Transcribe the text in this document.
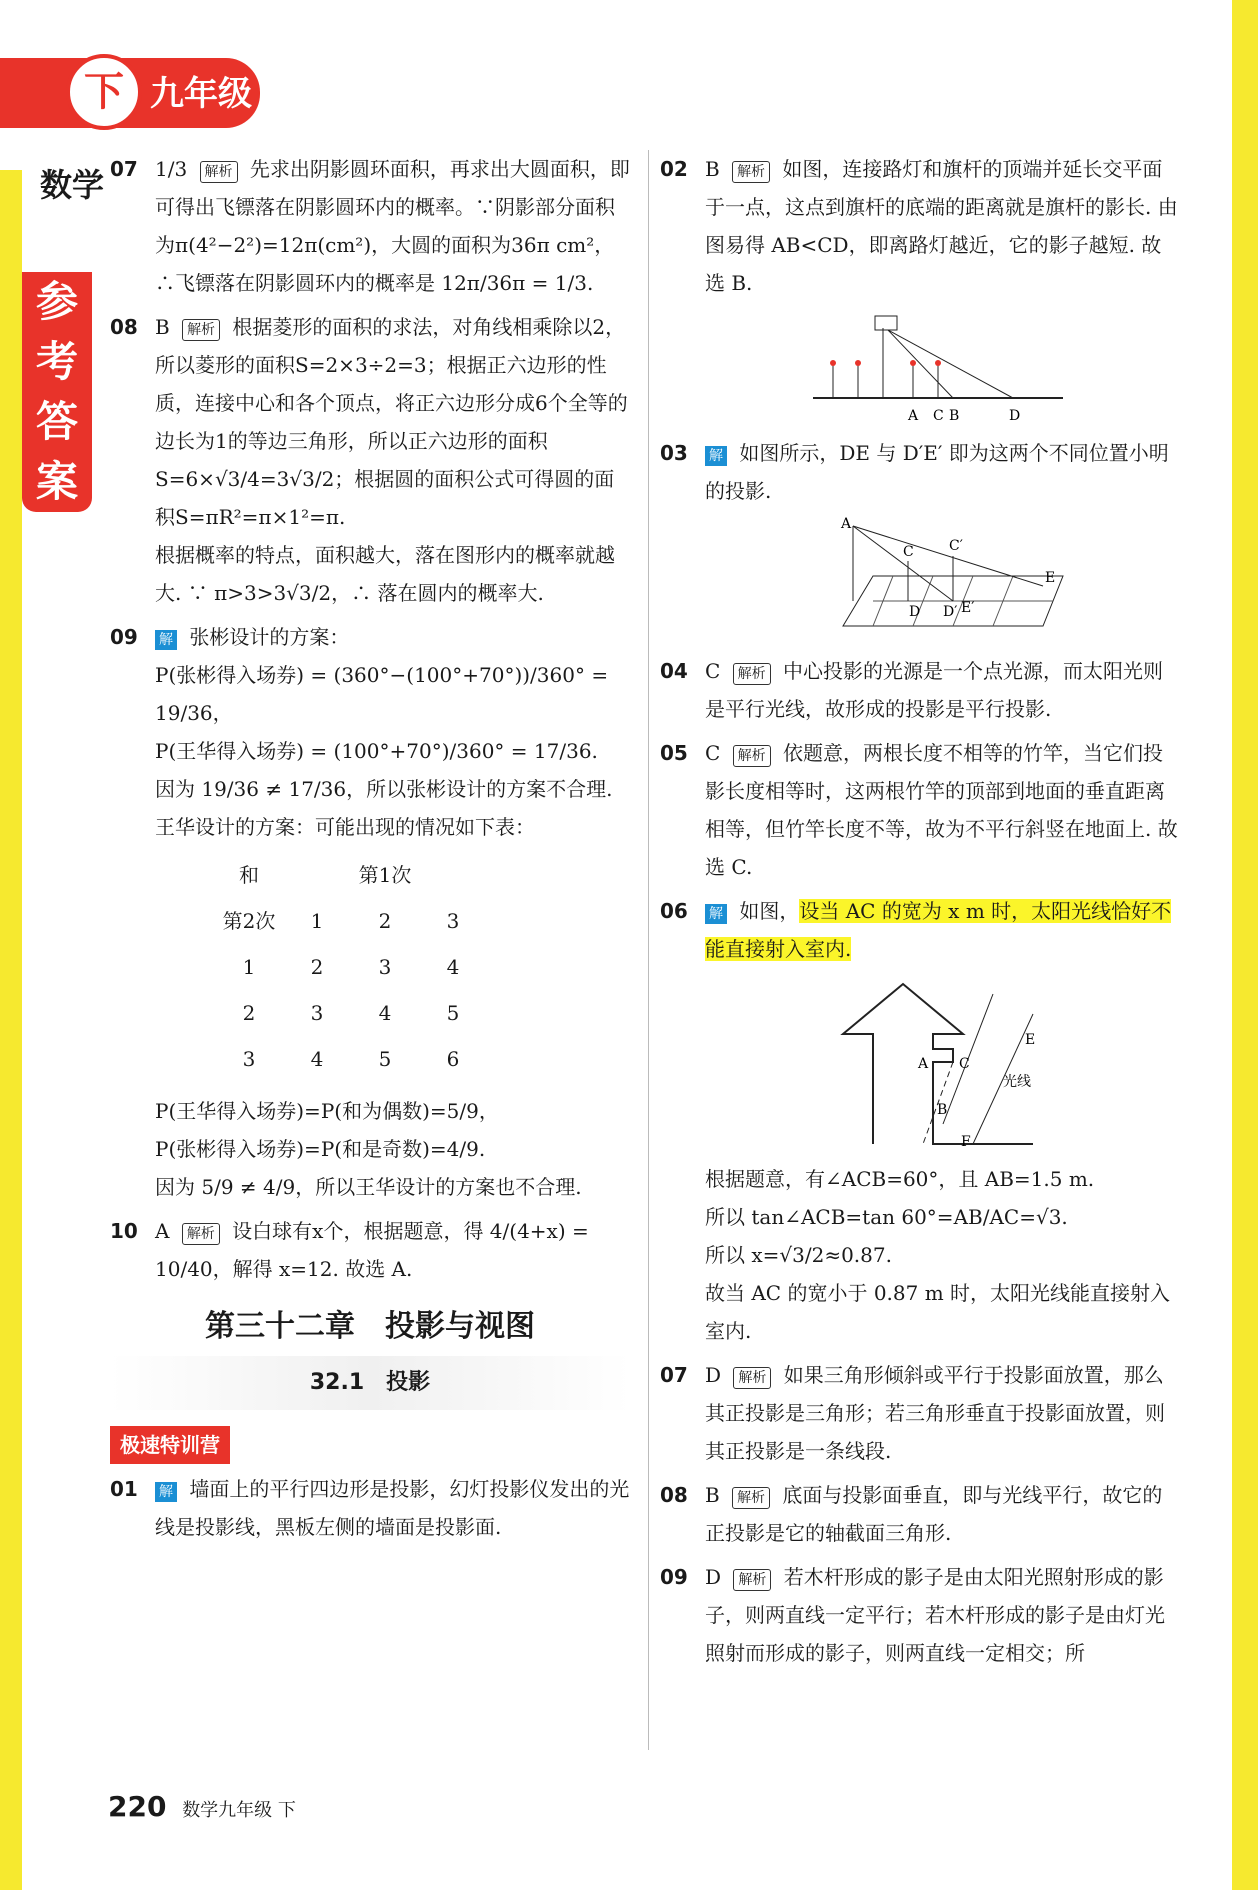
下 九年级
数学
参
考
答
案
07 1/3 解析 先求出阴影圆环面积，再求出大圆面积，即可得出飞镖落在阴影圆环内的概率。∵阴影部分面积为π(4²−2²)=12π(cm²)，大圆的面积为36π cm²，∴飞镖落在阴影圆环内的概率是 12π/36π = 1/3.
08 B 解析 根据菱形的面积的求法，对角线相乘除以2，所以菱形的面积S=2×3÷2=3；根据正六边形的性质，连接中心和各个顶点，将正六边形分成6个全等的边长为1的等边三角形，所以正六边形的面积S=6×√3/4=3√3/2；根据圆的面积公式可得圆的面积S=πR²=π×1²=π.
根据概率的特点，面积越大，落在图形内的概率就越大. ∵ π>3>3√3/2，∴ 落在圆内的概率大.
09 解 张彬设计的方案：
P(张彬得入场券) = (360°−(100°+70°))/360° = 19/36，
P(王华得入场券) = (100°+70°)/360° = 17/36.
因为 19/36 ≠ 17/36，所以张彬设计的方案不合理.
王华设计的方案：可能出现的情况如下表：
和	第1次		
第2次	1	2	3
1	2	3	4
2	3	4	5
3	4	5	6
P(王华得入场券)=P(和为偶数)=5/9，
P(张彬得入场券)=P(和是奇数)=4/9.
因为 5/9 ≠ 4/9，所以王华设计的方案也不合理.
10 A 解析 设白球有x个，根据题意，得 4/(4+x) = 10/40，解得 x=12. 故选 A.
第三十二章　投影与视图
32.1　投影
极速特训营
01 解 墙面上的平行四边形是投影，幻灯投影仪发出的光线是投影线，黑板左侧的墙面是投影面.
02 B 解析 如图，连接路灯和旗杆的顶端并延长交平面于一点，这点到旗杆的底端的距离就是旗杆的影长. 由图易得 AB<CD，即离路灯越近，它的影子越短. 故选 B.
A C B	D
03 解 如图所示，DE 与 D′E′ 即为这两个不同位置小明的投影.
A
C	C′
E
E′
D D′
04 C 解析 中心投影的光源是一个点光源，而太阳光则是平行光线，故形成的投影是平行投影.
05 C 解析 依题意，两根长度不相等的竹竿，当它们投影长度相等时，这两根竹竿的顶部到地面的垂直距离相等，但竹竿长度不等，故为不平行斜竖在地面上. 故选 C.
06 解 如图，设当 AC 的宽为 x m 时，太阳光线恰好不能直接射入室内.
A C
E
B
F
光线
根据题意，有∠ACB=60°，且 AB=1.5 m.
所以 tan∠ACB=tan 60°=AB/AC=√3.
所以 x=√3/2≈0.87.
故当 AC 的宽小于 0.87 m 时，太阳光线能直接射入室内.
07 D 解析 如果三角形倾斜或平行于投影面放置，那么其正投影是三角形；若三角形垂直于投影面放置，则其正投影是一条线段.
08 B 解析 底面与投影面垂直，即与光线平行，故它的正投影是它的轴截面三角形.
09 D 解析 若木杆形成的影子是由太阳光照射形成的影子，则两直线一定平行；若木杆形成的影子是由灯光照射而形成的影子，则两直线一定相交；所
220 数学九年级 下
